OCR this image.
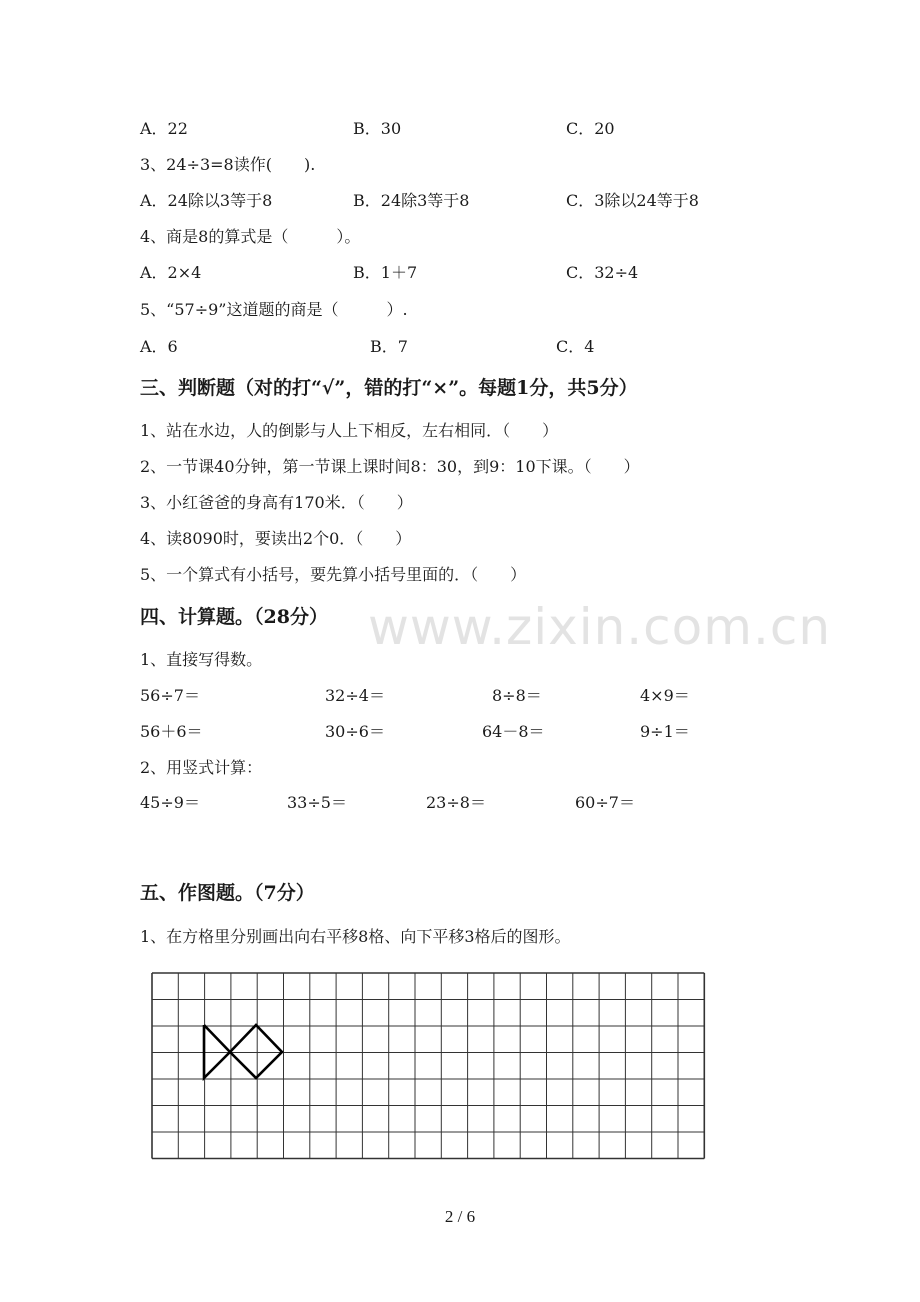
A．22	B．30	C．20
3、24÷3=8读作(　　).
A．24除以3等于8	B．24除3等于8	C．3除以24等于8
4、商是8的算式是（　　　）。
A．2×4	B．1＋7	C．32÷4
5、“57÷9”这道题的商是（　　　）.
A．6	B．7	C．4
三、判断题（对的打“√”，错的打“×”。每题1分，共5分）
1、站在水边，人的倒影与人上下相反，左右相同．（　　）
2、一节课40分钟，第一节课上课时间8：30，到9：10下课。（　　）
3、小红爸爸的身高有170米．（　　）
4、读8090时，要读出2个0．（　　）
5、一个算式有小括号，要先算小括号里面的．（　　）
www.zixin.com.cn
四、计算题。（28分）
1、直接写得数。
56÷7＝	32÷4＝	8÷8＝	4×9＝
56＋6＝	30÷6＝	64－8＝	9÷1＝
2、用竖式计算：
45÷9＝	33÷5＝	23÷8＝	60÷7＝
五、作图题。（7分）
1、在方格里分别画出向右平移8格、向下平移3格后的图形。
2 / 6
